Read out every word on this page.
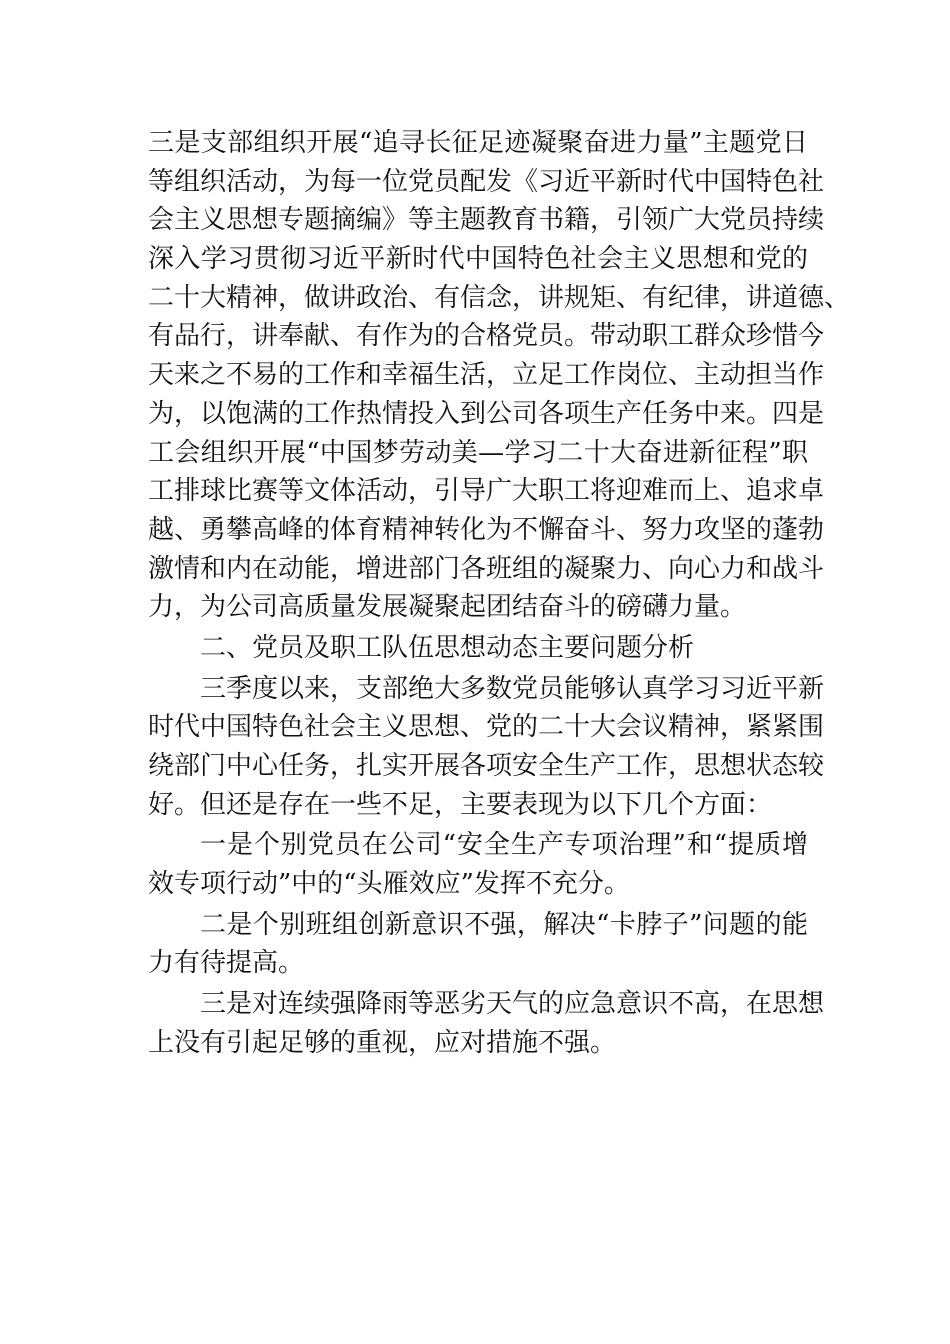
三是支部组织开展“追寻长征足迹凝聚奋进力量”主题党日
等组织活动，为每一位党员配发《习近平新时代中国特色社
会主义思想专题摘编》等主题教育书籍，引领广大党员持续
深入学习贯彻习近平新时代中国特色社会主义思想和党的
二十大精神，做讲政治、有信念，讲规矩、有纪律，讲道德、
有品行，讲奉献、有作为的合格党员。带动职工群众珍惜今
天来之不易的工作和幸福生活，立足工作岗位、主动担当作
为，以饱满的工作热情投入到公司各项生产任务中来。四是
工会组织开展“中国梦劳动美—学习二十大奋进新征程”职
工排球比赛等文体活动，引导广大职工将迎难而上、追求卓
越、勇攀高峰的体育精神转化为不懈奋斗、努力攻坚的蓬勃
激情和内在动能，增进部门各班组的凝聚力、向心力和战斗
力，为公司高质量发展凝聚起团结奋斗的磅礴力量。
二、党员及职工队伍思想动态主要问题分析
三季度以来，支部绝大多数党员能够认真学习习近平新
时代中国特色社会主义思想、党的二十大会议精神，紧紧围
绕部门中心任务，扎实开展各项安全生产工作，思想状态较
好。但还是存在一些不足，主要表现为以下几个方面：
一是个别党员在公司“安全生产专项治理”和“提质增
效专项行动”中的“头雁效应”发挥不充分。
二是个别班组创新意识不强，解决“卡脖子”问题的能
力有待提高。
三是对连续强降雨等恶劣天气的应急意识不高，在思想
上没有引起足够的重视，应对措施不强。
